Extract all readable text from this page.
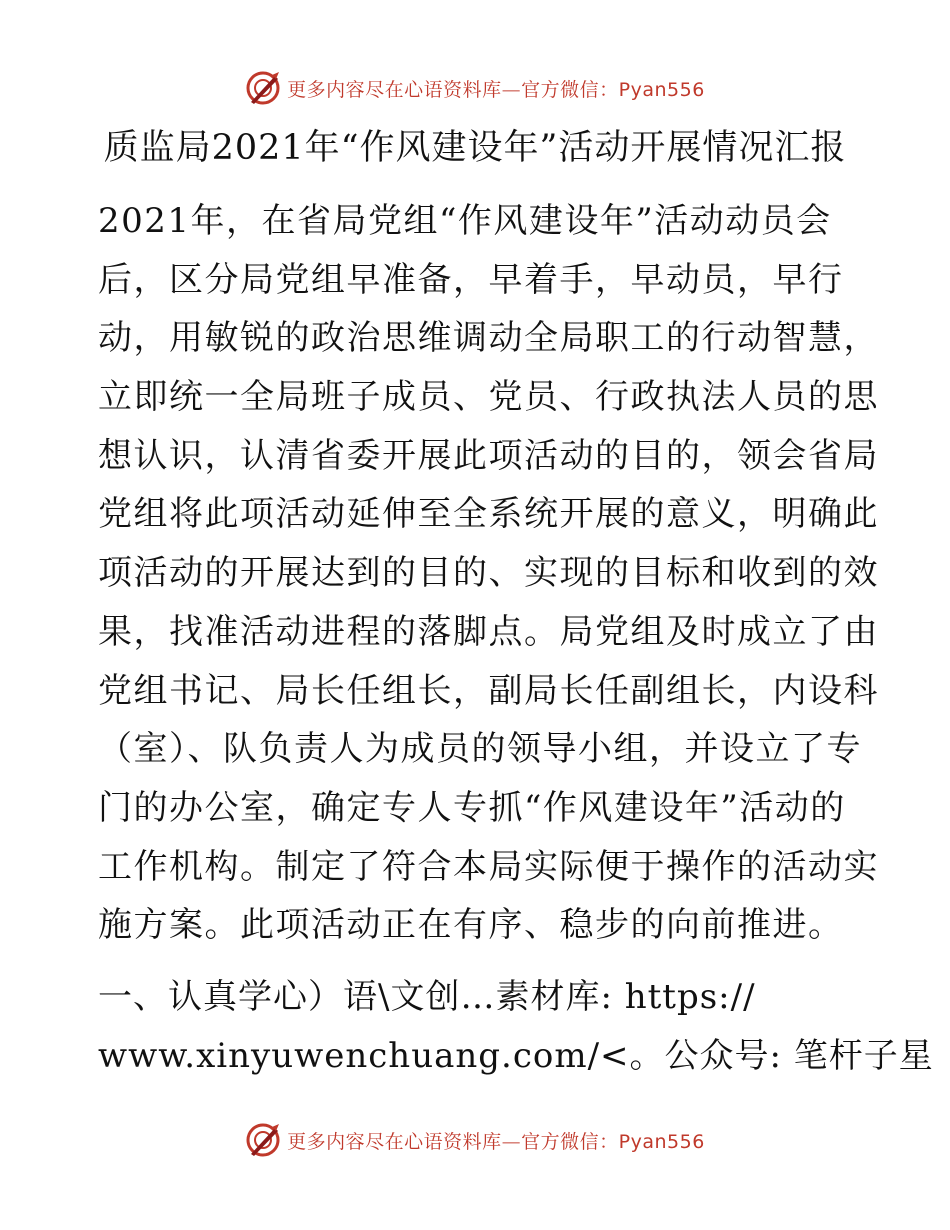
更多内容尽在心语资料库—官方微信：Pyan556
质监局2021年“作风建设年”活动开展情况汇报
2021年，在省局党组“作风建设年”活动动员会
后，区分局党组早准备，早着手，早动员，早行
动，用敏锐的政治思维调动全局职工的行动智慧，
立即统一全局班子成员、党员、行政执法人员的思
想认识，认清省委开展此项活动的目的，领会省局
党组将此项活动延伸至全系统开展的意义，明确此
项活动的开展达到的目的、实现的目标和收到的效
果，找准活动进程的落脚点。局党组及时成立了由
党组书记、局长任组长，副局长任副组长，内设科
（室）、队负责人为成员的领导小组，并设立了专
门的办公室，确定专人专抓“作风建设年”活动的
工作机构。制定了符合本局实际便于操作的活动实
施方案。此项活动正在有序、稳步的向前推进。
一、认真学心）语\文创…素材库: https://
www.xinyuwenchuang.com/<。公众号: 笔杆子星
更多内容尽在心语资料库—官方微信：Pyan556
